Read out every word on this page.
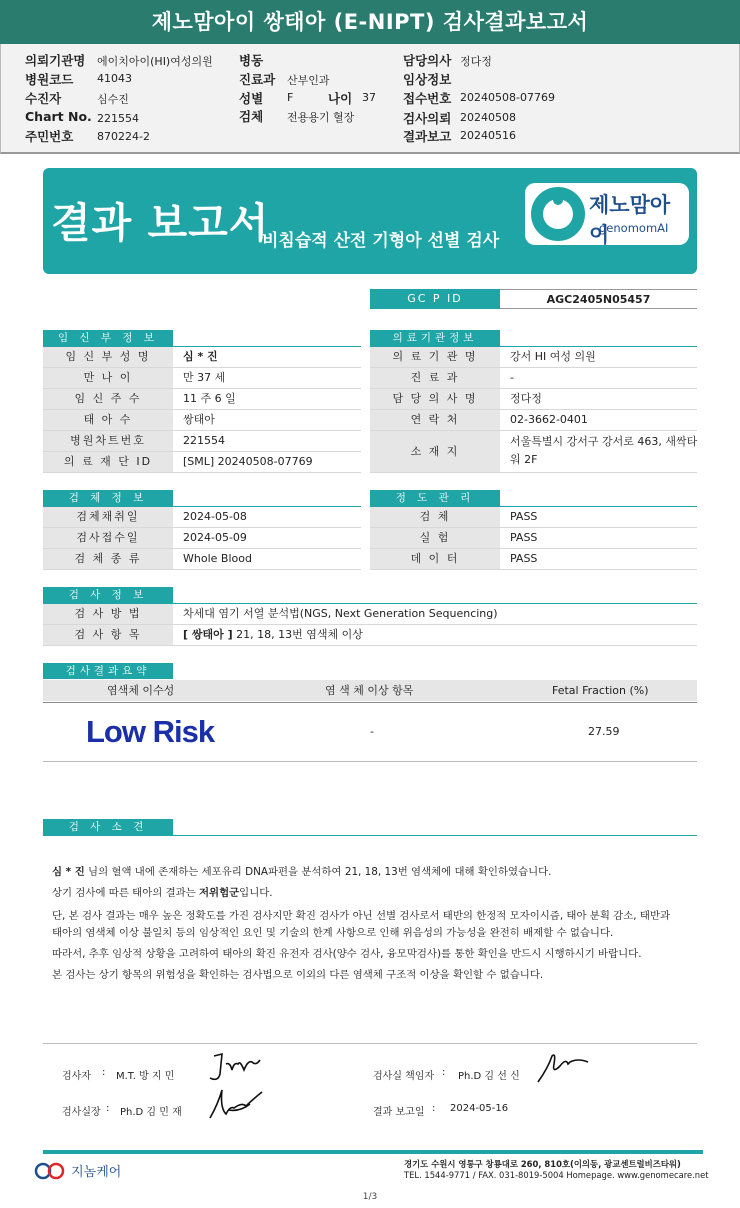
제노맘아이 쌍태아 (E-NIPT) 검사결과보고서
의뢰기관명 에이치아이(HI)여성의원
병원코드 41043
수진자	심수진
Chart No. 221554
주민번호 870224-2
병동
진료과 산부인과
성별 F	나이 37
검체 전용용기 혈장
담당의사 정다정
임상정보
접수번호 20240508-07769
검사의뢰 20240508
결과보고 20240516
결과 보고서
비침습적 산전 기형아 선별 검사
제노맘아이
genomomAI
GC P ID	AGC2405N05457
임 신 부 정 보
임 신 부 성 명	심 * 진
만 나 이	만 37 세
임 신 주 수	11 주 6 일
태 아 수	쌍태아
병원차트번호	221554
의 료 재 단 ID	[SML] 20240508-07769
의료기관정보
의 료 기 관 명	강서 HI 여성 의원
진 료 과	-
담 당 의 사 명	정다정
연 락 처	02-3662-0401
소 재 지
서울특별시 강서구 강서로 463, 새싹타
워 2F
검 체 정 보
검체채취일	2024-05-08
검사접수일	2024-05-09
검 체 종 류	Whole Blood
정 도 관 리
검 체	PASS
실 험	PASS
데 이 터	PASS
검 사 정 보
검 사 방 법	차세대 염기 서열 분석법(NGS, Next Generation Sequencing)
검 사 항 목	[ 쌍태아 ] 21, 18, 13번 염색체 이상
검사결과요약
염색체 이수성	염 색 체 이상 항목	Fetal Fraction (%)
Low Risk	-	27.59
검 사 소 견
심 * 진 님의 혈액 내에 존재하는 세포유리 DNA파편을 분석하여 21, 18, 13번 염색체에 대해 확인하였습니다.
상기 검사에 따른 태아의 결과는 저위험군입니다.
단, 본 검사 결과는 매우 높은 정확도를 가진 검사지만 확진 검사가 아닌 선별 검사로서 태반의 한정적 모자이시즘, 태아 분획 감소, 태반과
태아의 염색체 이상 불일치 등의 임상적인 요인 및 기술의 한계 사항으로 인해 위음성의 가능성을 완전히 배제할 수 없습니다.
따라서, 추후 임상적 상황을 고려하여 태아의 확진 유전자 검사(양수 검사, 융모막검사)를 통한 확인을 반드시 시행하시기 바랍니다.
본 검사는 상기 항목의 위험성을 확인하는 검사법으로 이외의 다른 염색체 구조적 이상을 확인할 수 없습니다.
검사자 : M.T. 방 지 민	검사실 책임자 : Ph.D 김 선 신
검사실장 : Ph.D 김 민 재	결과 보고일 : 2024-05-16
지놈케어
경기도 수원시 영통구 창룡대로 260, 810호(이의동, 광교센트럴비즈타워)
TEL. 1544-9771 / FAX. 031-8019-5004 Homepage. www.genomecare.net
1/3
